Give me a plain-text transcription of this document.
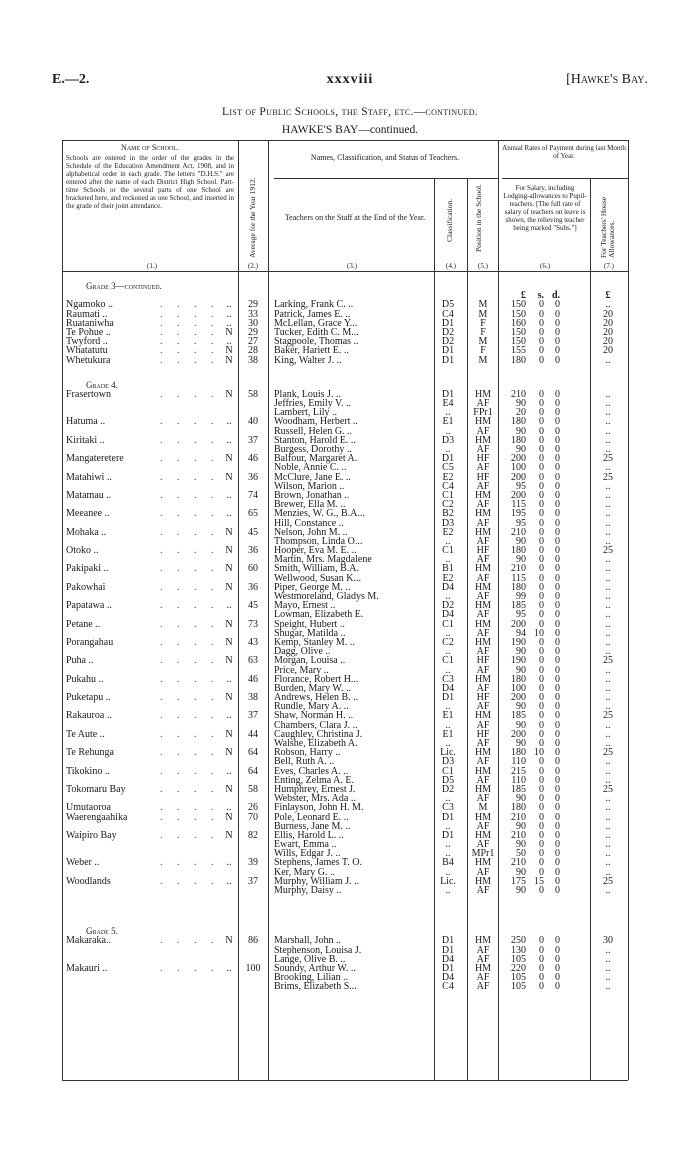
E.—2.	xxxviii	[Hawke's Bay.
List of Public Schools, the Staff, etc.—continued.
HAWKE'S BAY—continued.
Name of School.
Schools are entered in the order of the grades in the Schedule of the Education Amendment Act, 1908, and in alphabetical order in each grade. The letters "D.H.S." are entered after the name of each District High School. Part-time Schools or the several parts of one School are bracketed here, and reckoned as one School, and inserted in the grade of their joint attendance.	Average for the Year 1912.
Names, Classification, and Status of Teachers.
Teachers on the Staff at the End of the Year.	Classification.	Position in the School.
Annual Rates of Payment during last Month of Year.
For Salary, including Lodging-allowances to Pupil-teachers. [The full rate of salary of teachers on leave is shown, the relieving teacher being marked "Subs."]	For Teachers' House Allowances.
(1.)	(2.)	(3.)	(4.)	(5.)	(6.)	(7.)
Grade 3—continued.
£	s. d.	£
Ngamoko ..	..	29	Larking, Frank C. ..	D5	M	150	0	0	..
. . . .
Raumati ..	..	33	Patrick, James E. ..	C4	M	150	0	0	20
. . . .
Ruataniwha	..	30	McLellan, Grace Y...	D1	F	160	0	0	20
. . . .
Te Pohue ..	N	29	Tucker, Edith C. M...	D2	F	150	0	0	20
. . . .
Twyford ..	..	27	Stagpoole, Thomas ..	D2	M	150	0	0	20
. . . .
Whatatutu	N	28	Baker, Hariett E. ..	D1	F	155	0	0	20
. . . .
Whetukura	N	38	King, Walter J. ..	D1	M	180	0	0	..
. . . .
Grade 4.
Frasertown	N	58	Plank, Louis J. ..	D1	HM	210	0	0	..
. . . .
Jeffries, Emily V. ..	E4	AF	90	0	0	..
Lambert, Lily ..	..	FPr1	20	0	0	..
Hatuma ..	..	40	Woodham, Herbert ..	E1	HM	180	0	0	..
. . . .
Russell, Helen G. ..	..	AF	90	0	0	..
Kiritaki ..	..	37	Stanton, Harold E. ..	D3	HM	180	0	0	..
. . . .
Burgess, Dorothy ..	..	AF	90	0	0	..
Mangateretere	N	46	Balfour, Margaret A.	D1	HF	200	0	0	25
. . . .
Noble, Annie C. ..	C5	AF	100	0	0	..
Matahiwi ..	N	36	McClure, Jane E. ..	E2	HF	200	0	0	25
. . . .
Wilson, Marion ..	C4	AF	95	0	0	..
Matamau ..	..	74	Brown, Jonathan ..	C1	HM	200	0	0	..
. . . .
Brewer, Ella M. ..	C2	AF	115	0	0	..
Meeanee ..	..	65	Menzies, W. G., B.A...	B2	HM	195	0	0	..
. . . .
Hill, Constance ..	D3	AF	95	0	0	..
Mohaka ..	N	45	Nelson, John M. ..	E2	HM	210	0	0	..
. . . .
Thompson, Linda O...	..	AF	90	0	0	..
Otoko ..	N	36	Hooper, Eva M. E. ..	C1	HF	180	0	0	25
. . . .
Martin, Mrs. Magdalene	..	AF	90	0	0	..
Pakipaki ..	N	60	Smith, William, B.A.	B1	HM	210	0	0	..
. . . .
Wellwood, Susan K...	E2	AF	115	0	0	..
Pakowhai	N	36	Piper, George M. ..	D4	HM	180	0	0	..
. . . .
Westmoreland, Gladys M.	..	AF	99	0	0	..
Papatawa ..	..	45	Mayo, Ernest ..	D2	HM	185	0	0	..
. . . .
Lowman, Elizabeth E.	D4	AF	95	0	0	..
Petane ..	N	73	Speight, Hubert ..	C1	HM	200	0	0	..
. . . .
Shugar, Matilda ..	..	AF	94 10	0	..
Porangahau	N	43	Kemp, Stanley M. ..	C2	HM	190	0	0	..
. . . .
Dagg, Olive ..	..	AF	90	0	0	..
Puha ..	N	63	Morgan, Louisa ..	C1	HF	190	0	0	25
. . . .
Price, Mary ..	..	AF	90	0	0	..
Pukahu ..	..	46	Florance, Robert H...	C3	HM	180	0	0	..
. . . .
Burden, Mary W. ..	D4	AF	100	0	0	..
Puketapu ..	N	38	Andrews, Helen B. ..	D1	HF	200	0	0	..
. . . .
Rundle, Mary A. ..	..	AF	90	0	0	..
Rakauroa ..	..	37	Shaw, Norman H. ..	E1	HM	185	0	0	25
. . . .
Chambers, Clara J. ..	..	AF	90	0	0	..
Te Aute ..	N	44	Caughley, Christina J.	E1	HF	200	0	0	..
. . . .
Walshe, Elizabeth A.	..	AF	90	0	0	..
Te Rehunga	N	64	Robson, Harry ..	Lic.	HM	180 10	0	25
. . . .
Bell, Ruth A. ..	D3	AF	110	0	0	..
Tikokino ..	..	64	Eves, Charles A. ..	C1	HM	215	0	0	..
. . . .
Enting, Zelma A. E.	D5	AF	110	0	0	..
Tokomaru Bay	N	58	Humphrey, Ernest J.	D2	HM	185	0	0	25
. . . .
Webster, Mrs. Ada ..	..	AF	90	0	0	..
Umutaoroa	..	26	Finlayson, John H. M.	C3	M	180	0	0	..
. . . .
Waerengaahika	N	70	Pole, Leonard E. ..	D1	HM	210	0	0	..
. . . .
Burness, Jane M. ..	..	AF	90	0	0	..
Waipiro Bay	N	82	Ellis, Harold L. ..	D1	HM	210	0	0	..
. . . .
Ewart, Emma ..	..	AF	90	0	0	..
Wills, Edgar J. ..	..	MPr1	50	0	0	..
Weber ..	..	39	Stephens, James T. O.	B4	HM	210	0	0	..
. . . .
Ker, Mary G. ..	..	AF	90	0	0	..
Woodlands	..	37	Murphy, William J. ..	Lic.	HM	175 15	0	25
. . . .
Murphy, Daisy ..	..	AF	90	0	0	..
Grade 5.
Makaraka..	N	86	Marshall, John ..	D1	HM	250	0	0	30
. . . .
Stephenson, Louisa J.	D1	AF	130	0	0	..
Lange, Olive B. ..	D4	AF	105	0	0	..
Makauri ..	..	100	Soundy, Arthur W. ..	D1	HM	220	0	0	..
. . . .
Brooking, Lilian ..	D4	AF	105	0	0	..
Brims, Elizabeth S...	C4	AF	105	0	0	..
